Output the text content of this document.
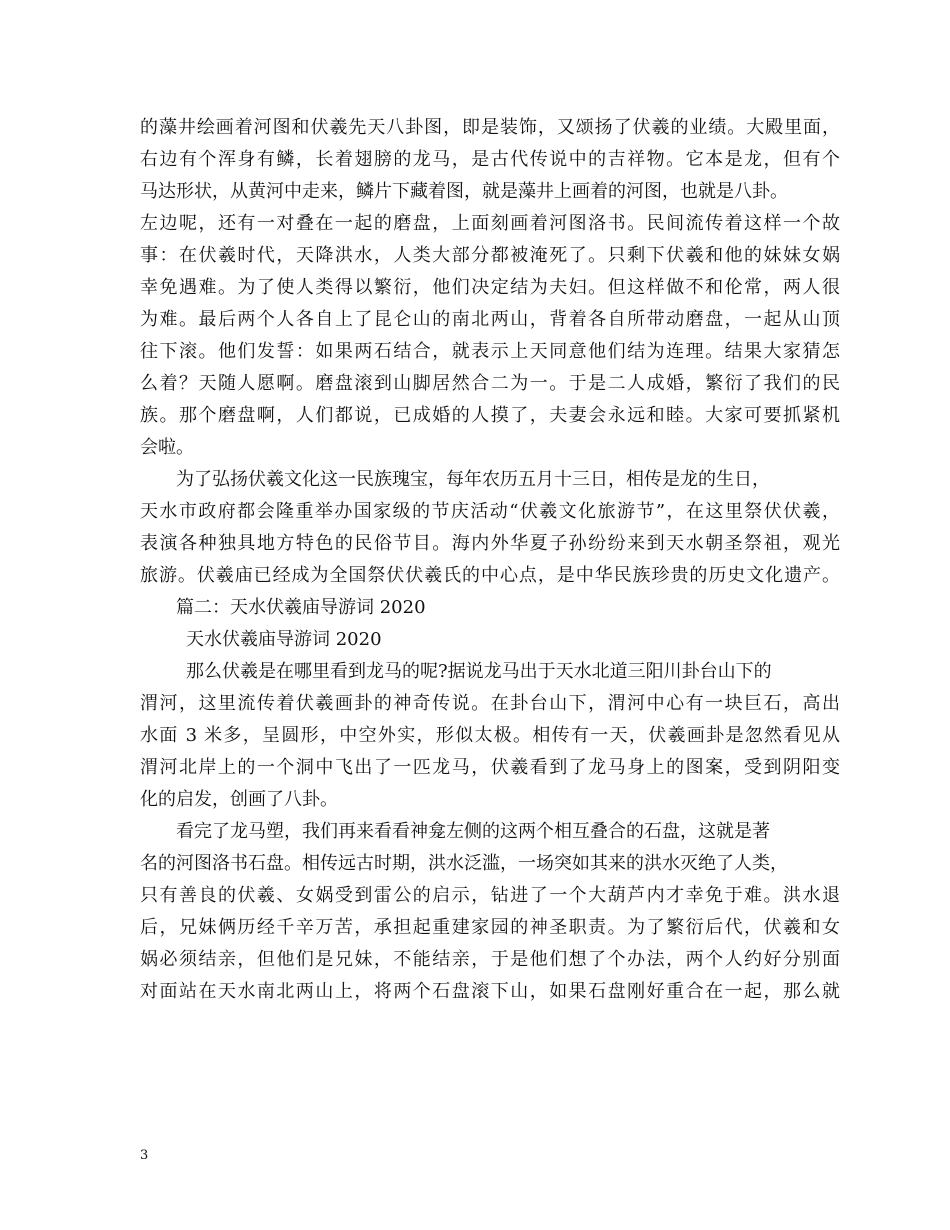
的藻井绘画着河图和伏羲先天八卦图，即是装饰，又颂扬了伏羲的业绩。大殿里面，
右边有个浑身有鳞，长着翅膀的龙马，是古代传说中的吉祥物。它本是龙，但有个
马达形状，从黄河中走来，鳞片下藏着图，就是藻井上画着的河图，也就是八卦。
左边呢，还有一对叠在一起的磨盘，上面刻画着河图洛书。民间流传着这样一个故
事：在伏羲时代，天降洪水，人类大部分都被淹死了。只剩下伏羲和他的妹妹女娲
幸免遇难。为了使人类得以繁衍，他们决定结为夫妇。但这样做不和伦常，两人很
为难。最后两个人各自上了昆仑山的南北两山，背着各自所带动磨盘，一起从山顶
往下滚。他们发誓：如果两石结合，就表示上天同意他们结为连理。结果大家猜怎
么着？天随人愿啊。磨盘滚到山脚居然合二为一。于是二人成婚，繁衍了我们的民
族。那个磨盘啊，人们都说，已成婚的人摸了，夫妻会永远和睦。大家可要抓紧机
会啦。
为了弘扬伏羲文化这一民族瑰宝，每年农历五月十三日，相传是龙的生日，
天水市政府都会隆重举办国家级的节庆活动“伏羲文化旅游节”，在这里祭伏伏羲，
表演各种独具地方特色的民俗节目。海内外华夏子孙纷纷来到天水朝圣祭祖，观光
旅游。伏羲庙已经成为全国祭伏伏羲氏的中心点，是中华民族珍贵的历史文化遗产。
篇二：天水伏羲庙导游词 2020
天水伏羲庙导游词 2020
那么伏羲是在哪里看到龙马的呢?据说龙马出于天水北道三阳川卦台山下的
渭河，这里流传着伏羲画卦的神奇传说。在卦台山下，渭河中心有一块巨石，高出
水面 3 米多，呈圆形，中空外实，形似太极。相传有一天，伏羲画卦是忽然看见从
渭河北岸上的一个洞中飞出了一匹龙马，伏羲看到了龙马身上的图案，受到阴阳变
化的启发，创画了八卦。
看完了龙马塑，我们再来看看神龛左侧的这两个相互叠合的石盘，这就是著
名的河图洛书石盘。相传远古时期，洪水泛滥，一场突如其来的洪水灭绝了人类，
只有善良的伏羲、女娲受到雷公的启示，钻进了一个大葫芦内才幸免于难。洪水退
后，兄妹俩历经千辛万苦，承担起重建家园的神圣职责。为了繁衍后代，伏羲和女
娲必须结亲，但他们是兄妹，不能结亲，于是他们想了个办法，两个人约好分别面
对面站在天水南北两山上，将两个石盘滚下山，如果石盘刚好重合在一起，那么就
3
